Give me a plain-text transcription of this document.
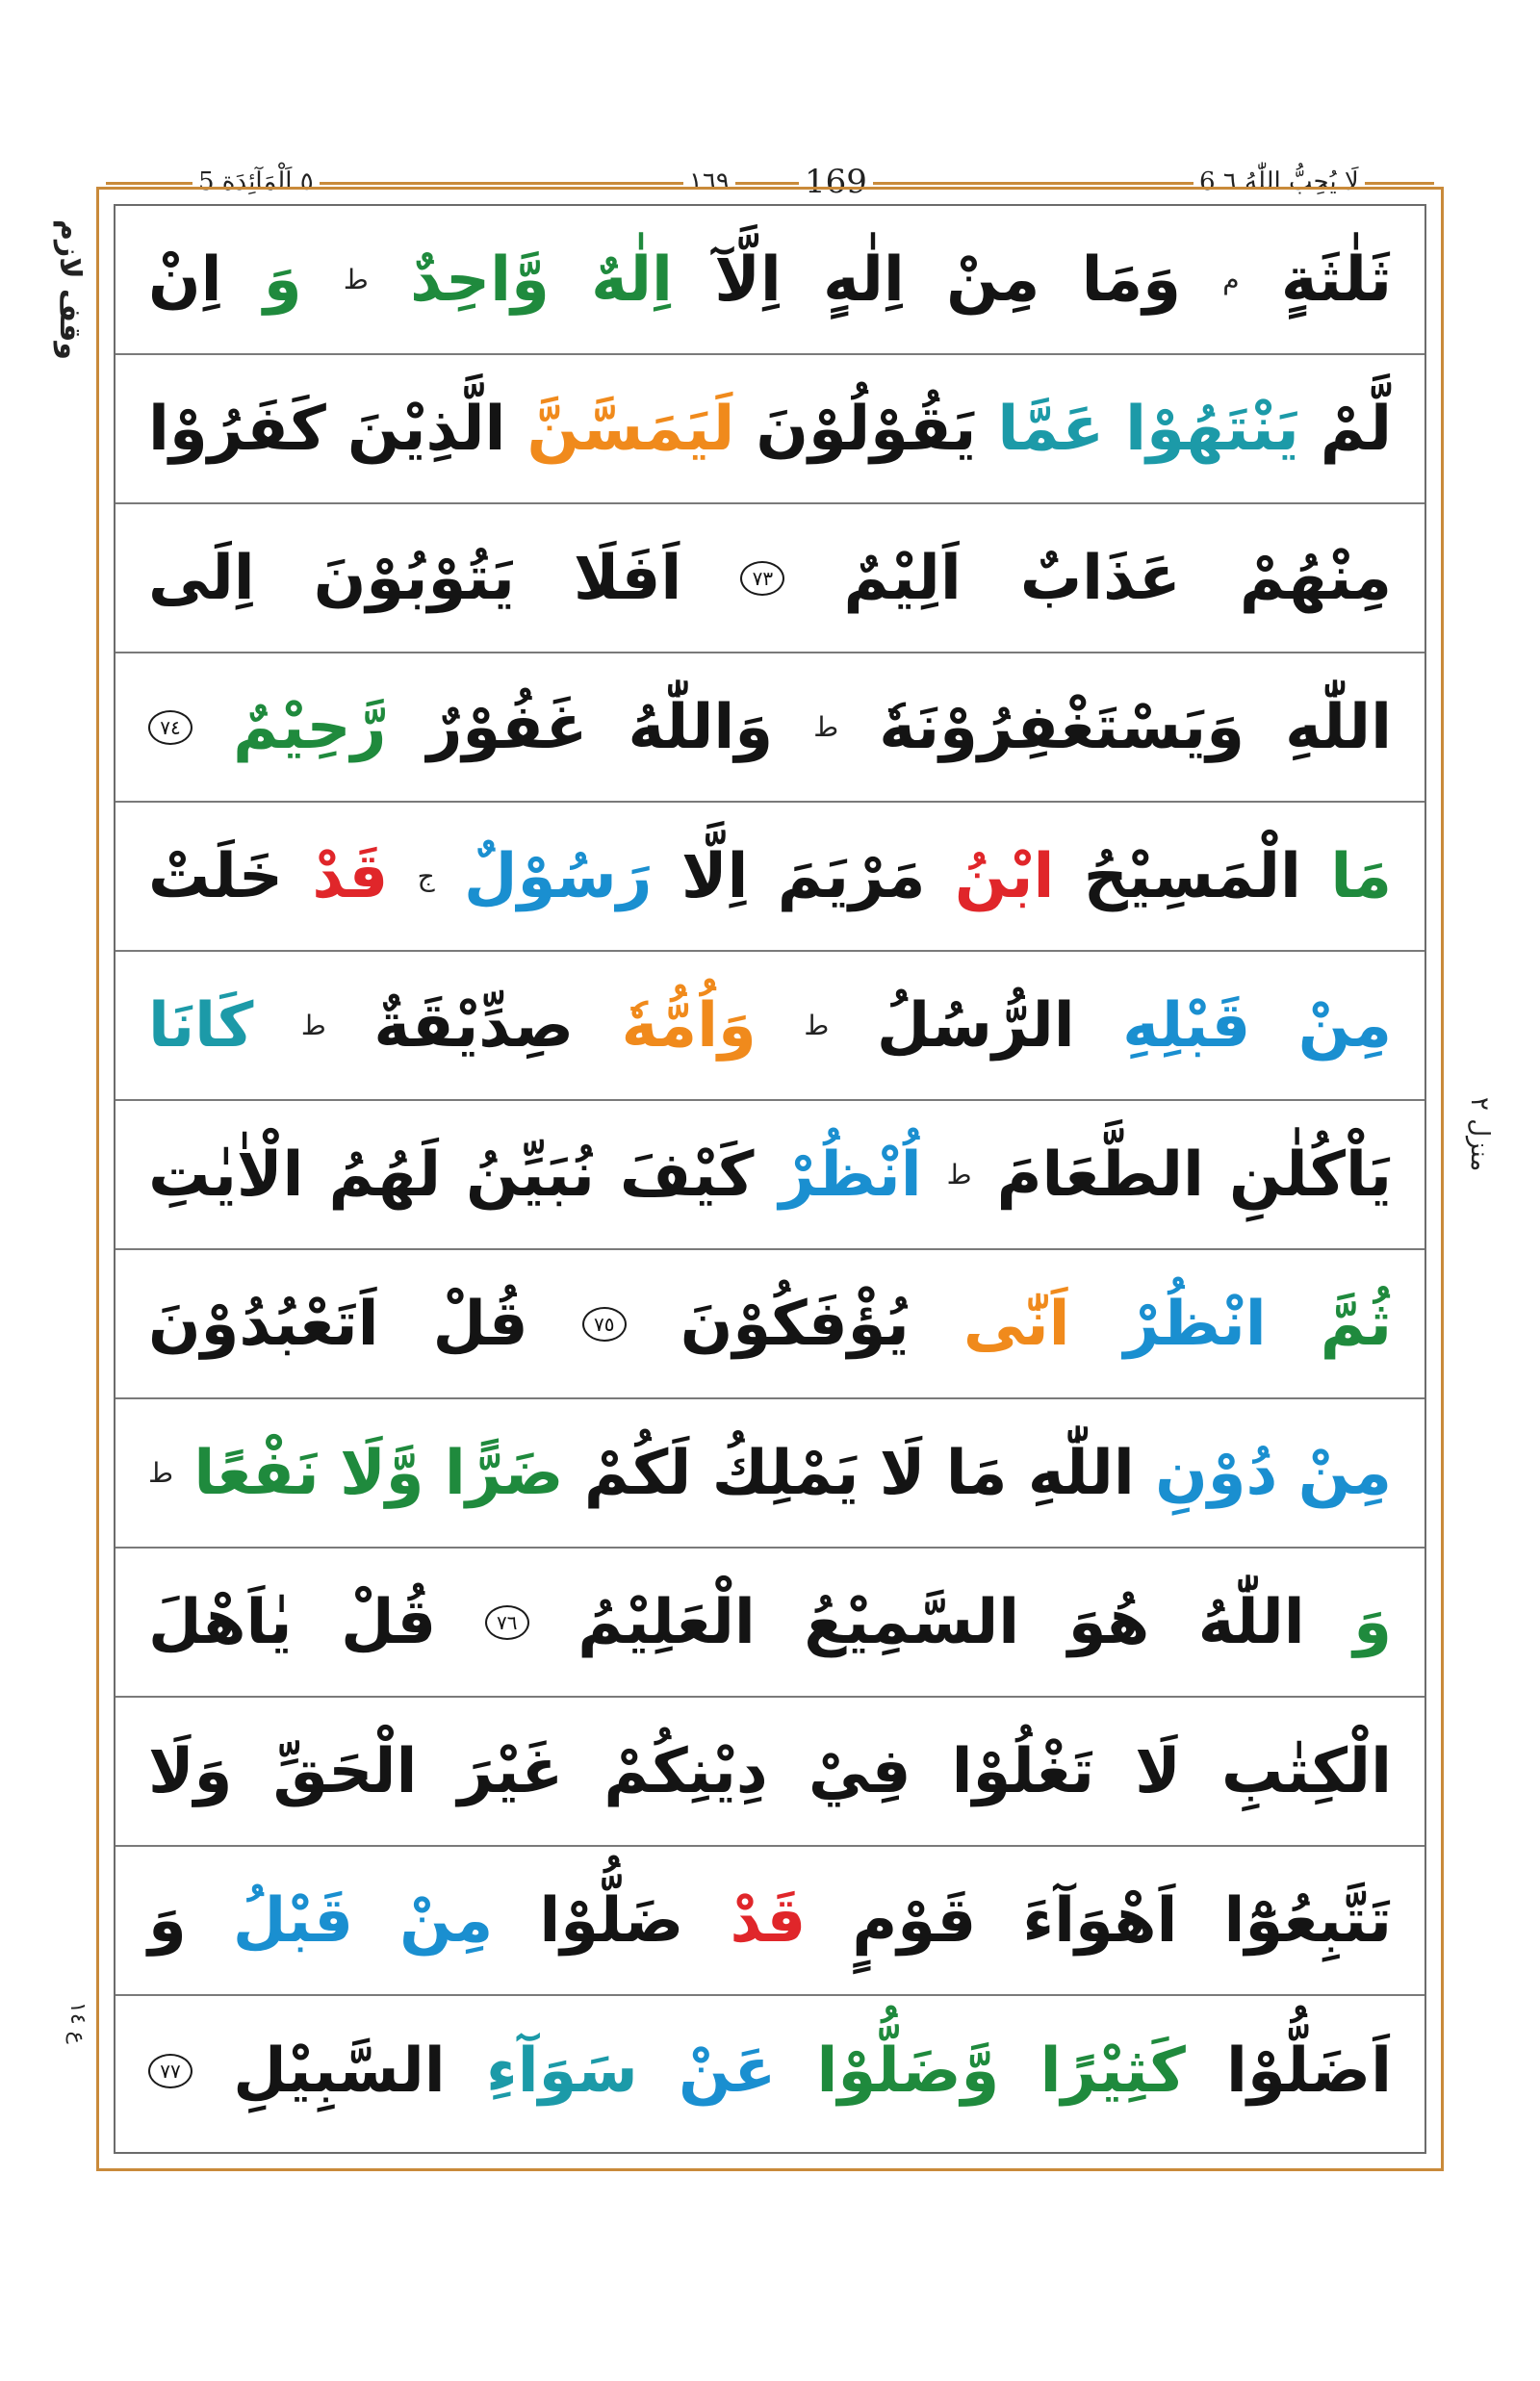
٥ اَلْمَآئِدَة 5	١٦٩ 169	6 لَا يُحِبُّ اللّٰهُ ٦
وقف لازم
منزل ٢
ع ١٤
ثَلٰثَةٍ
م
وَمَا
مِنْ
اِلٰهٍ
اِلَّآ
اِلٰهٌ
وَّاحِدٌ
ط
وَ
اِنْ
لَّمْ
يَنْتَهُوْا
عَمَّا
يَقُوْلُوْنَ
لَيَمَسَّنَّ
الَّذِيْنَ
كَفَرُوْا
مِنْهُمْ
عَذَابٌ
اَلِيْمٌ
٧٣
اَفَلَا
يَتُوْبُوْنَ
اِلَى
اللّٰهِ
وَيَسْتَغْفِرُوْنَهٗ
ط
وَاللّٰهُ
غَفُوْرٌ
رَّحِيْمٌ
٧٤
مَا
الْمَسِيْحُ
ابْنُ
مَرْيَمَ
اِلَّا
رَسُوْلٌ
ج
قَدْ
خَلَتْ
مِنْ
قَبْلِهِ
الرُّسُلُ
ط
وَاُمُّهٗ
صِدِّيْقَةٌ
ط
كَانَا
يَاْكُلٰنِ
الطَّعَامَ
ط
اُنْظُرْ
كَيْفَ
نُبَيِّنُ
لَهُمُ
الْاٰيٰتِ
ثُمَّ
انْظُرْ
اَنّٰى
يُؤْفَكُوْنَ
٧٥
قُلْ
اَتَعْبُدُوْنَ
مِنْ
دُوْنِ
اللّٰهِ
مَا
لَا
يَمْلِكُ
لَكُمْ
ضَرًّا
وَّلَا
نَفْعًا
ط
وَ
اللّٰهُ
هُوَ
السَّمِيْعُ
الْعَلِيْمُ
٧٦
قُلْ
يٰاَهْلَ
الْكِتٰبِ
لَا
تَغْلُوْا
فِيْ
دِيْنِكُمْ
غَيْرَ
الْحَقِّ
وَلَا
تَتَّبِعُوْٓا
اَهْوَآءَ
قَوْمٍ
قَدْ
ضَلُّوْا
مِنْ
قَبْلُ
وَ
اَضَلُّوْا
كَثِيْرًا
وَّضَلُّوْا
عَنْ
سَوَآءِ
السَّبِيْلِ
٧٧
